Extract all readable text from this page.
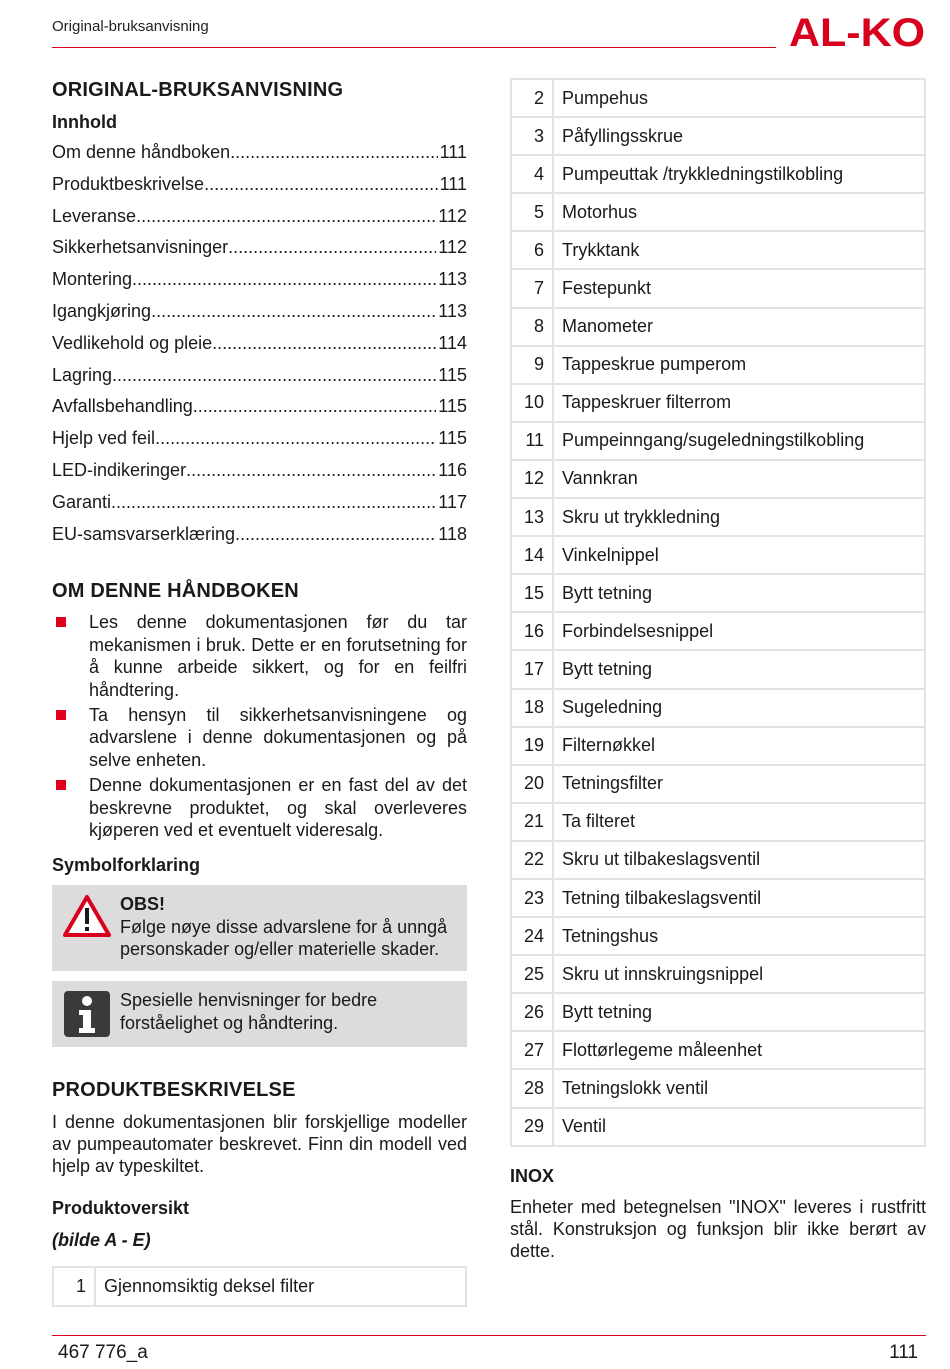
Original-bruksanvisning	AL-KO
ORIGINAL-BRUKSANVISNING
Innhold
Om denne håndboken .....	111
Produktbeskrivelse .....	111
Leveranse .....	112
Sikkerhetsanvisninger .....	112
Montering .....	113
Igangkjøring .....	113
Vedlikehold og pleie .....	114
Lagring .....	115
Avfallsbehandling .....	115
Hjelp ved feil .....	115
LED-indikeringer .....	116
Garanti .....	117
EU-samsvarserklæring .....	118
OM DENNE HÅNDBOKEN
Les denne dokumentasjonen før du tar mekanismen i bruk. Dette er en forutsetning for å kunne arbeide sikkert, og for en feilfri håndtering.
Ta hensyn til sikkerhetsanvisningene og advarslene i denne dokumentasjonen og på selve enheten.
Denne dokumentasjonen er en fast del av det beskrevne produktet, og skal overleveres kjøperen ved et eventuelt videresalg.
Symbolforklaring
OBS!
Følge nøye disse advarslene for å unngå personskader og/eller materielle skader.
Spesielle henvisninger for bedre forståelighet og håndtering.
PRODUKTBESKRIVELSE

I denne dokumentasjonen blir forskjellige modeller av pumpeautomater beskrevet. Finn din modell ved hjelp av typeskiltet.

Produktoversikt
(bilde A - E)
1	Gjennomsiktig deksel filter
2	Pumpehus
3	Påfyllingsskrue
4	Pumpeuttak /trykkledningstilkobling
5	Motorhus
6	Trykktank
7	Festepunkt
8	Manometer
9	Tappeskrue pumperom
10	Tappeskruer filterrom
11	Pumpeinngang/sugeledningstilkobling
12	Vannkran
13	Skru ut trykkledning
14	Vinkelnippel
15	Bytt tetning
16	Forbindelsesnippel
17	Bytt tetning
18	Sugeledning
19	Filternøkkel
20	Tetningsfilter
21	Ta filteret
22	Skru ut tilbakeslagsventil
23	Tetning tilbakeslagsventil
24	Tetningshus
25	Skru ut innskruingsnippel
26	Bytt tetning
27	Flottørlegeme måleenhet
28	Tetningslokk ventil
29	Ventil
INOX

Enheter med betegnelsen "INOX" leveres i rustfritt stål. Konstruksjon og funksjon blir ikke berørt av dette.

467 776_a	111
